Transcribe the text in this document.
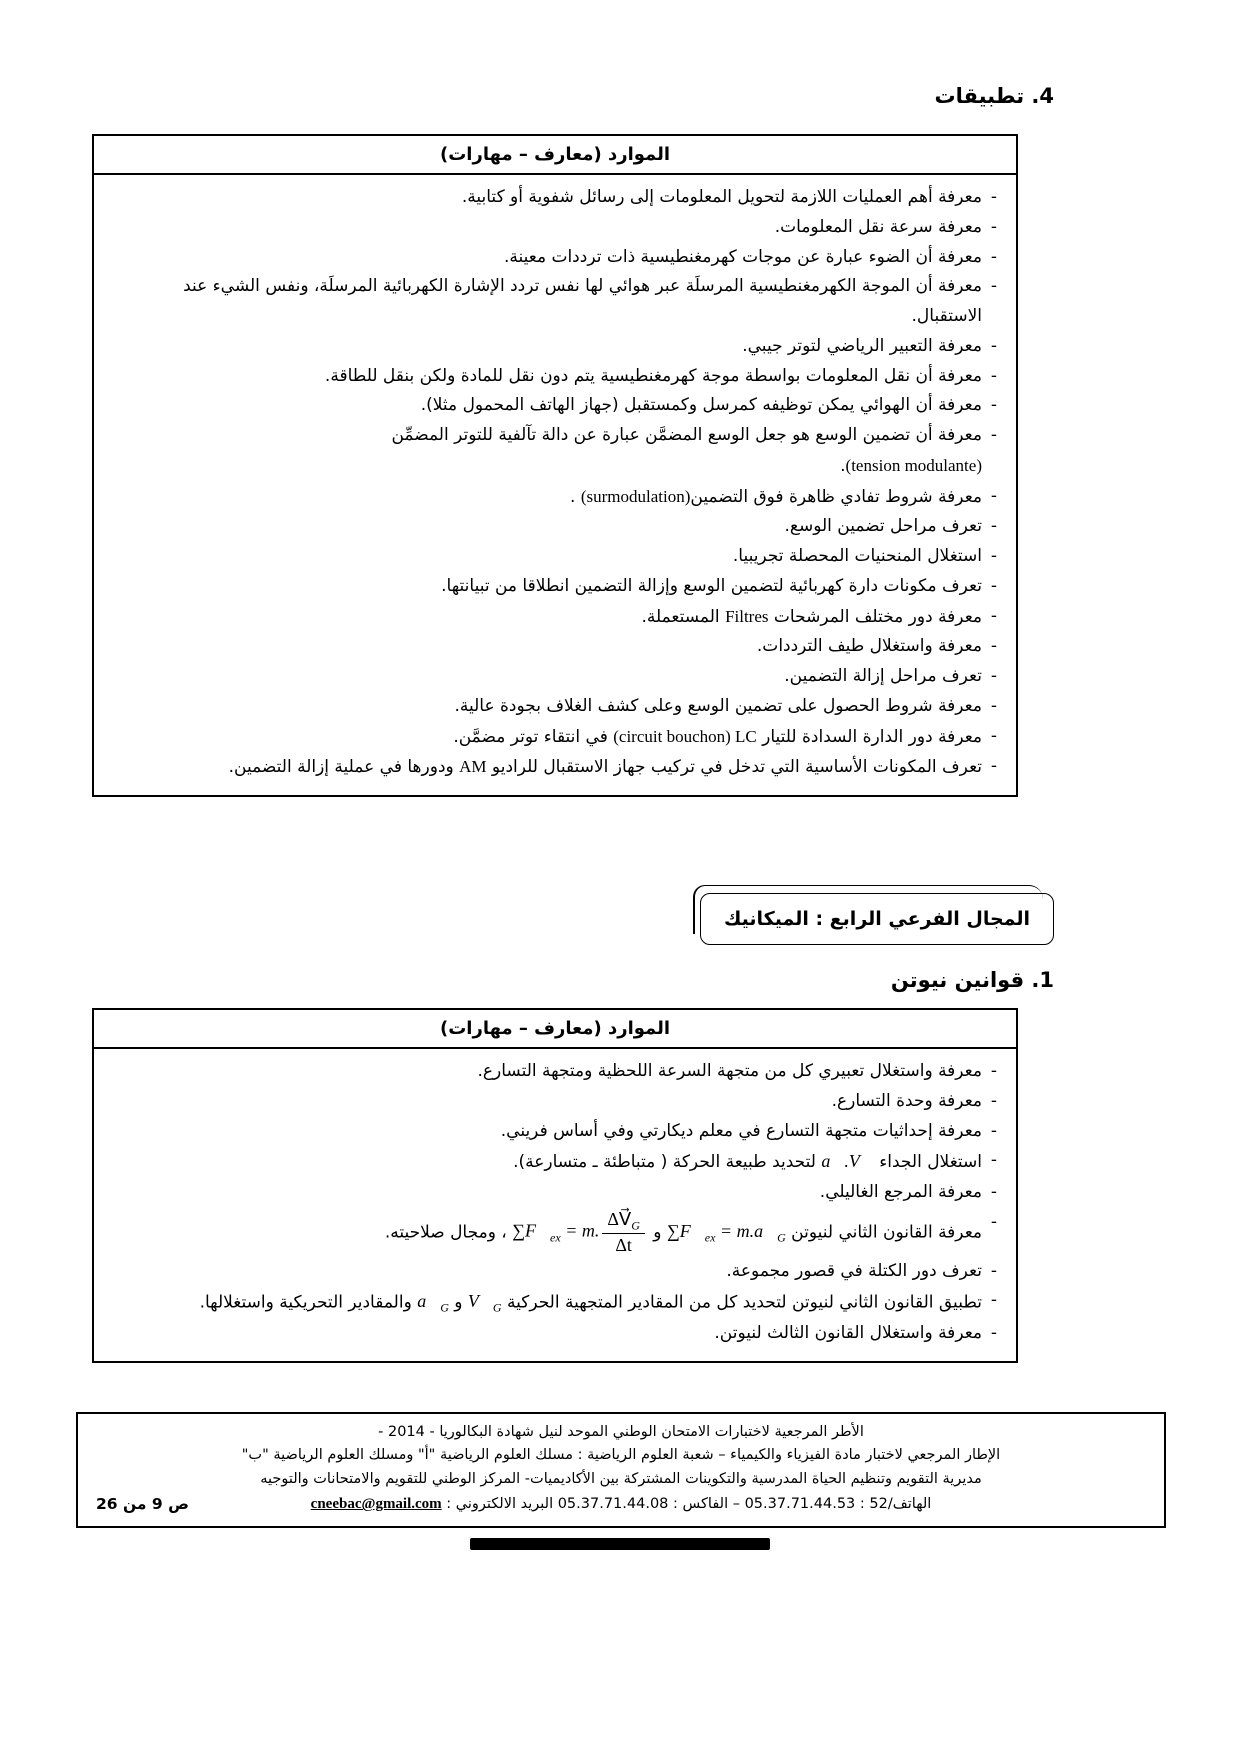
4. تطبيقات
الموارد (معارف – مهارات)
-
معرفة أهم العمليات اللازمة لتحويل المعلومات إلى رسائل شفوية أو كتابية.
-
معرفة سرعة نقل المعلومات.
-
معرفة أن الضوء عبارة عن موجات كهرمغنطيسية ذات ترددات معينة.
-
معرفة أن الموجة الكهرمغنطيسية المرسلَة عبر هوائي لها نفس تردد الإشارة الكهربائية المرسلَة، ونفس الشيء عند الاستقبال.
-
معرفة التعبير الرياضي لتوتر جيبي.
-
معرفة أن نقل المعلومات بواسطة موجة كهرمغنطيسية يتم دون نقل للمادة ولكن بنقل للطاقة.
-
معرفة أن الهوائي يمكن توظيفه كمرسل وكمستقبل (جهاز الهاتف المحمول مثلا).
-
معرفة أن تضمين الوسع هو جعل الوسع المضمَّن عبارة عن دالة تآلفية للتوتر المضمِّن
(tension modulante).
-
معرفة شروط تفادي ظاهرة فوق التضمين(surmodulation) .
-
تعرف مراحل تضمين الوسع.
-
استغلال المنحنيات المحصلة تجريبيا.
-
تعرف مكونات دارة كهربائية لتضمين الوسع وإزالة التضمين انطلاقا من تبيانتها.
-
معرفة دور مختلف المرشحات Filtres المستعملة.
-
معرفة واستغلال طيف الترددات.
-
تعرف مراحل إزالة التضمين.
-
معرفة شروط الحصول على تضمين الوسع وعلى كشف الغلاف بجودة عالية.
-
معرفة دور الدارة السدادة للتيار (circuit bouchon) LC في انتقاء توتر مضمَّن.
-
تعرف المكونات الأساسية التي تدخل في تركيب جهاز الاستقبال للراديو AM ودورها في عملية إزالة التضمين.
المجال الفرعي الرابع : الميكانيك
1. قوانين نيوتن
الموارد (معارف – مهارات)
-
معرفة واستغلال تعبيري كل من متجهة السرعة اللحظية ومتجهة التسارع.
-
معرفة وحدة التسارع.
-
معرفة إحداثيات متجهة التسارع في معلم ديكارتي وفي أساس فريني.
-
استغلال الجداء a⃗.V⃗ لتحديد طبيعة الحركة ( متباطئة ـ متسارعة).
-
معرفة المرجع الغاليلي.
-
معرفة القانون الثاني لنيوتن $\sum F⃗_{ex}$ = $m.a⃗_G$ و $\sum F⃗_{ex} = m$. $\frac{\Delta V⃗_G}{\Delta t}$
، ومجال صلاحيته.
-
تعرف دور الكتلة في قصور مجموعة.
-
تطبيق القانون الثاني لنيوتن لتحديد كل من المقادير المتجهية الحركية $V⃗_G$ و $a⃗_G$ والمقادير التحريكية واستغلالها.
-
معرفة واستغلال القانون الثالث لنيوتن.
الأطر المرجعية لاختبارات الامتحان الوطني الموحد لنيل شهادة البكالوريا - 2014 -
الإطار المرجعي لاختبار مادة الفيزياء والكيمياء – شعبة العلوم الرياضية : مسلك العلوم الرياضية "أ" ومسلك العلوم الرياضية "ب"
مديرية التقويم وتنظيم الحياة المدرسية والتكوينات المشتركة بين الأكاديميات- المركز الوطني للتقويم والامتحانات والتوجيه
الهاتف/52 : 05.37.71.44.53 – الفاكس : 05.37.71.44.08 البريد الالكتروني : cneebac@gmail.com
ص 9 من 26
